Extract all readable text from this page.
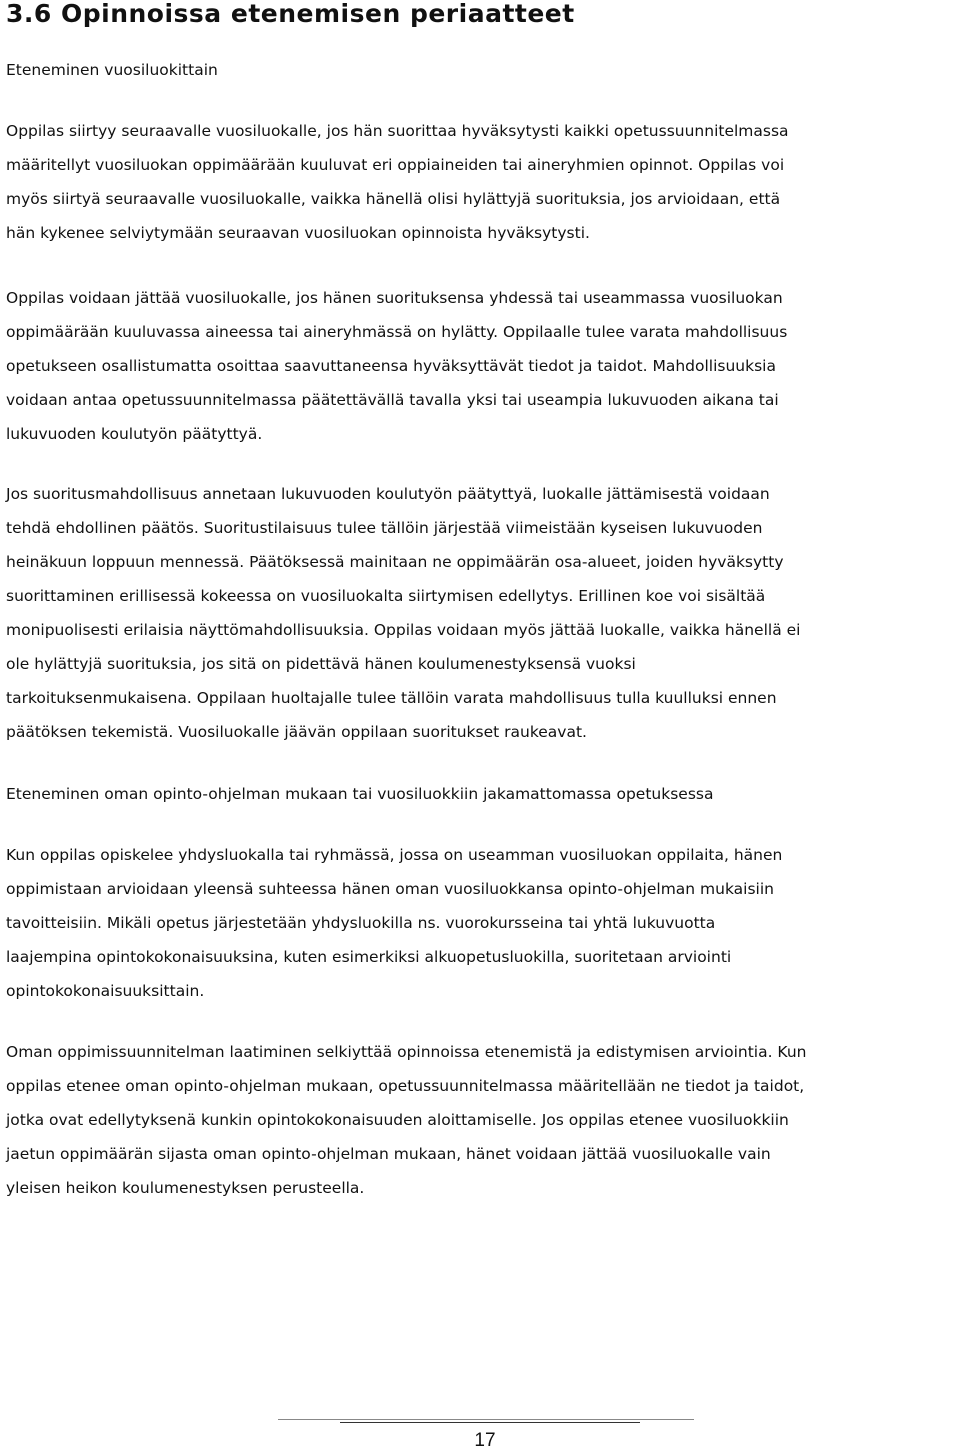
3.6 Opinnoissa etenemisen periaatteet

Eteneminen vuosiluokittain

Oppilas siirtyy seuraavalle vuosiluokalle, jos hän suorittaa hyväksytysti kaikki opetussuunnitelmassa
määritellyt vuosiluokan oppimäärään kuuluvat eri oppiaineiden tai aineryhmien opinnot. Oppilas voi
myös siirtyä seuraavalle vuosiluokalle, vaikka hänellä olisi hylättyjä suorituksia, jos arvioidaan, että
hän kykenee selviytymään seuraavan vuosiluokan opinnoista hyväksytysti.

Oppilas voidaan jättää vuosiluokalle, jos hänen suorituksensa yhdessä tai useammassa vuosiluokan
oppimäärään kuuluvassa aineessa tai aineryhmässä on hylätty. Oppilaalle tulee varata mahdollisuus
opetukseen osallistumatta osoittaa saavuttaneensa hyväksyttävät tiedot ja taidot. Mahdollisuuksia
voidaan antaa opetussuunnitelmassa päätettävällä tavalla yksi tai useampia lukuvuoden aikana tai
lukuvuoden koulutyön päätyttyä.

Jos suoritusmahdollisuus annetaan lukuvuoden koulutyön päätyttyä, luokalle jättämisestä voidaan
tehdä ehdollinen päätös. Suoritustilaisuus tulee tällöin järjestää viimeistään kyseisen lukuvuoden
heinäkuun loppuun mennessä. Päätöksessä mainitaan ne oppimäärän osa-alueet, joiden hyväksytty
suorittaminen erillisessä kokeessa on vuosiluokalta siirtymisen edellytys. Erillinen koe voi sisältää
monipuolisesti erilaisia näyttömahdollisuuksia. Oppilas voidaan myös jättää luokalle, vaikka hänellä ei
ole hylättyjä suorituksia, jos sitä on pidettävä hänen koulumenestyksensä vuoksi
tarkoituksenmukaisena. Oppilaan huoltajalle tulee tällöin varata mahdollisuus tulla kuulluksi ennen
päätöksen tekemistä. Vuosiluokalle jäävän oppilaan suoritukset raukeavat.

Eteneminen oman opinto-ohjelman mukaan tai vuosiluokkiin jakamattomassa opetuksessa

Kun oppilas opiskelee yhdysluokalla tai ryhmässä, jossa on useamman vuosiluokan oppilaita, hänen
oppimistaan arvioidaan yleensä suhteessa hänen oman vuosiluokkansa opinto-ohjelman mukaisiin
tavoitteisiin. Mikäli opetus järjestetään yhdysluokilla ns. vuorokursseina tai yhtä lukuvuotta
laajempina opintokokonaisuuksina, kuten esimerkiksi alkuopetusluokilla, suoritetaan arviointi
opintokokonaisuuksittain.

Oman oppimissuunnitelman laatiminen selkiyttää opinnoissa etenemistä ja edistymisen arviointia. Kun
oppilas etenee oman opinto-ohjelman mukaan, opetussuunnitelmassa määritellään ne tiedot ja taidot,
jotka ovat edellytyksenä kunkin opintokokonaisuuden aloittamiselle. Jos oppilas etenee vuosiluokkiin
jaetun oppimäärän sijasta oman opinto-ohjelman mukaan, hänet voidaan jättää vuosiluokalle vain
yleisen heikon koulumenestyksen perusteella.

17
